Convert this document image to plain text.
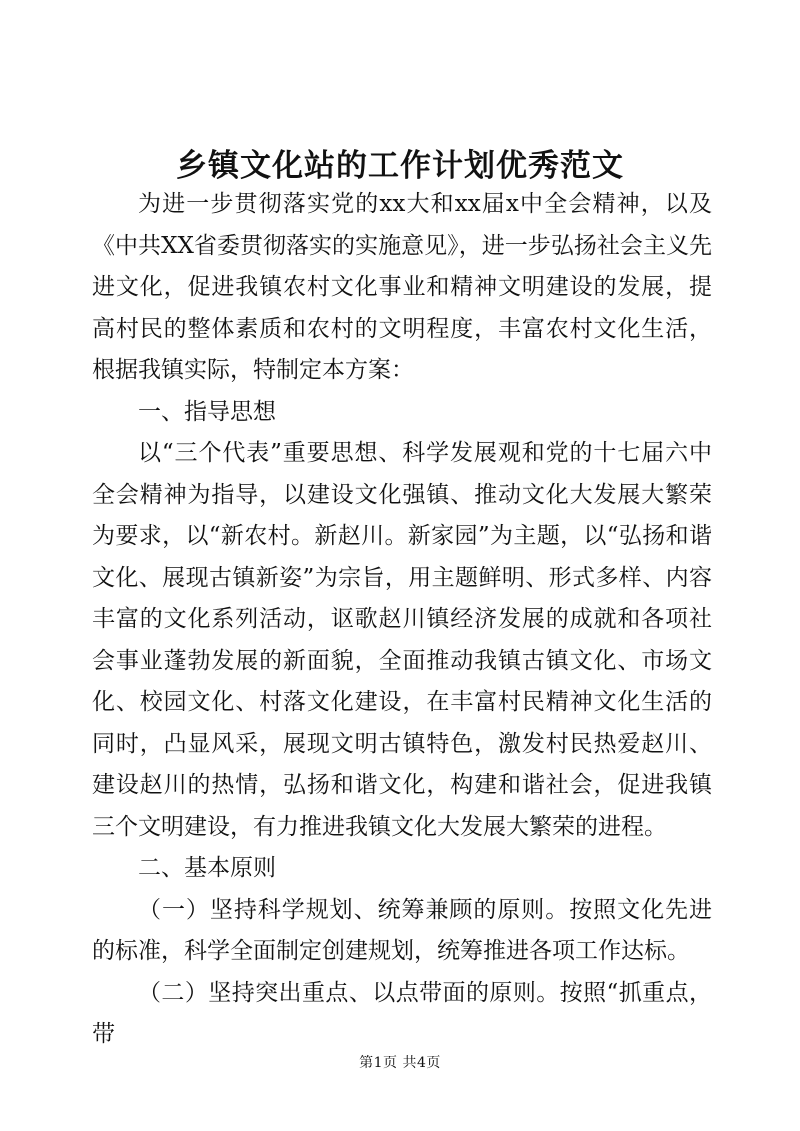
乡镇文化站的工作计划优秀范文

为进一步贯彻落实党的xx大和xx届x中全会精神，以及《中共XX省委贯彻落实的实施意见》，进一步弘扬社会主义先进文化，促进我镇农村文化事业和精神文明建设的发展，提高村民的整体素质和农村的文明程度，丰富农村文化生活，根据我镇实际，特制定本方案：

一、指导思想

以“三个代表”重要思想、科学发展观和党的十七届六中全会精神为指导，以建设文化强镇、推动文化大发展大繁荣为要求，以“新农村。新赵川。新家园”为主题，以“弘扬和谐文化、展现古镇新姿”为宗旨，用主题鲜明、形式多样、内容丰富的文化系列活动，讴歌赵川镇经济发展的成就和各项社会事业蓬勃发展的新面貌，全面推动我镇古镇文化、市场文化、校园文化、村落文化建设，在丰富村民精神文化生活的同时，凸显风采，展现文明古镇特色，激发村民热爱赵川、建设赵川的热情，弘扬和谐文化，构建和谐社会，促进我镇三个文明建设，有力推进我镇文化大发展大繁荣的进程。

二、基本原则

（一）坚持科学规划、统筹兼顾的原则。按照文化先进的标准，科学全面制定创建规划，统筹推进各项工作达标。

（二）坚持突出重点、以点带面的原则。按照“抓重点，带

第1页 共4页
